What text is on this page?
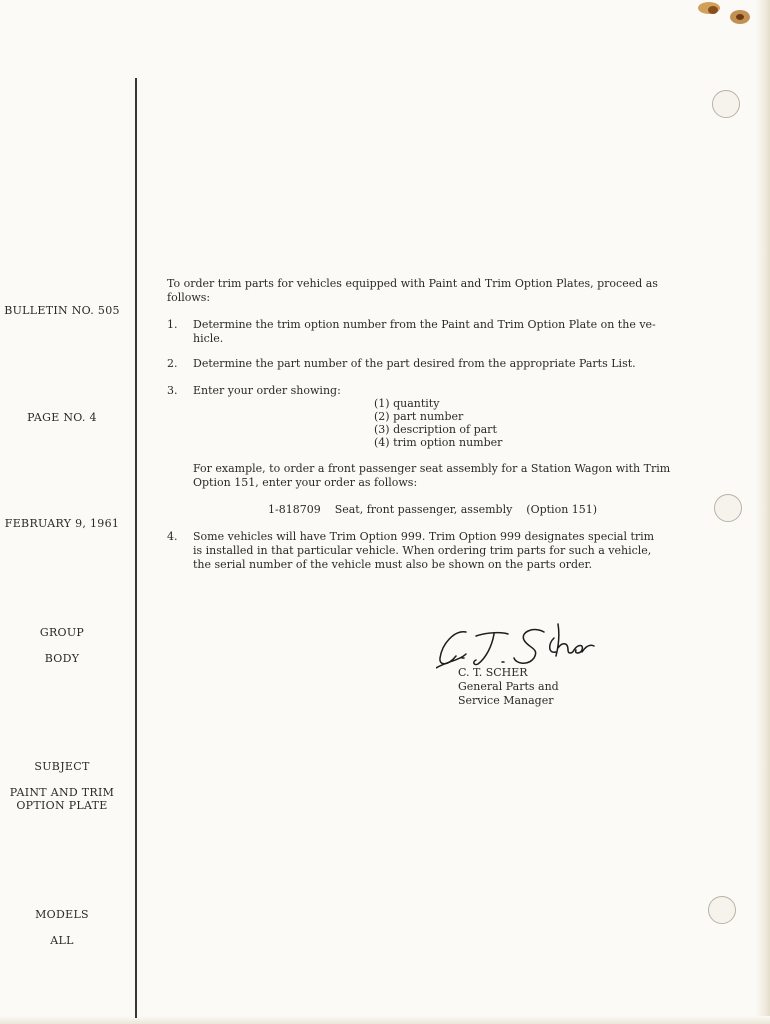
BULLETIN NO. 505
PAGE NO. 4
FEBRUARY 9, 1961
GROUP
BODY
SUBJECT
PAINT AND TRIM
OPTION PLATE
MODELS
ALL
To order trim parts for vehicles equipped with Paint and Trim Option Plates, proceed as
follows:
1. Determine the trim option number from the Paint and Trim Option Plate on the ve-
hicle.
2. Determine the part number of the part desired from the appropriate Parts List.
3. Enter your order showing:
(1) quantity
(2) part number
(3) description of part
(4) trim option number
For example, to order a front passenger seat assembly for a Station Wagon with Trim
Option 151, enter your order as follows:
1-818709    Seat, front passenger, assembly    (Option 151)
4. Some vehicles will have Trim Option 999. Trim Option 999 designates special trim
is installed in that particular vehicle. When ordering trim parts for such a vehicle,
the serial number of the vehicle must also be shown on the parts order.
C. T. SCHER
General Parts and
Service Manager
